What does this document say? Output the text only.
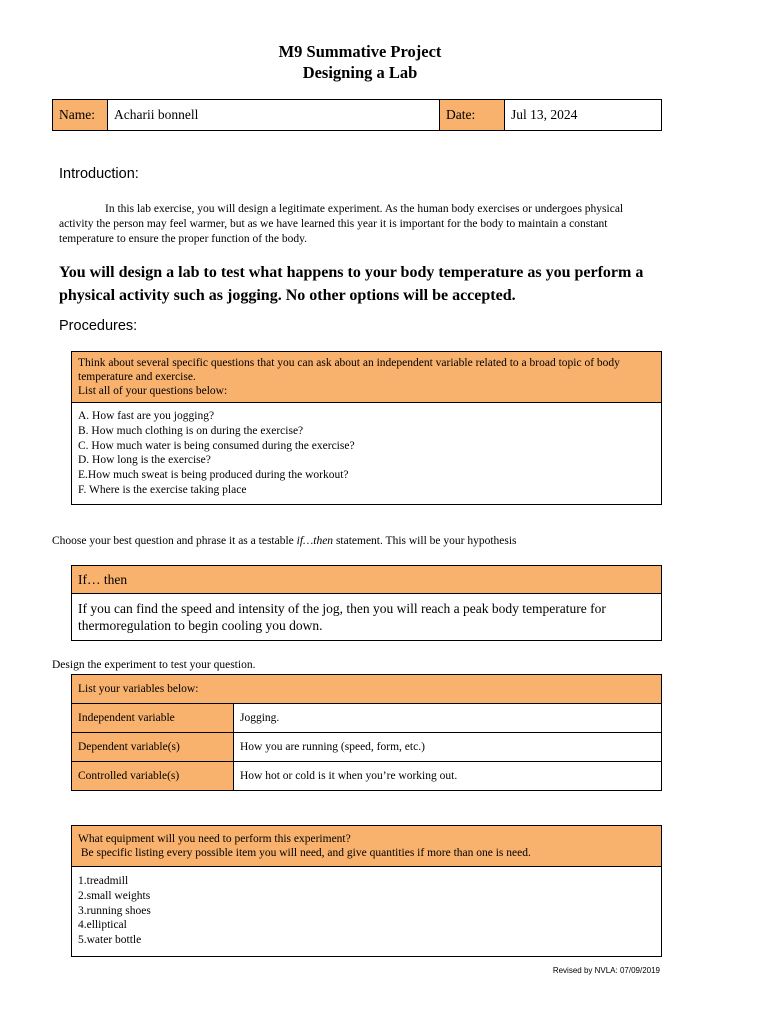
M9 Summative Project
Designing a Lab
Name:	Acharii bonnell	Date:	Jul 13, 2024
Introduction:
In this lab exercise, you will design a legitimate experiment. As the human body exercises or undergoes physical activity the person may feel warmer, but as we have learned this year it is important for the body to maintain a constant temperature to ensure the proper function of the body.
You will design a lab to test what happens to your body temperature as you perform a physical activity such as jogging. No other options will be accepted.
Procedures:
Think about several specific questions that you can ask about an independent variable related to a broad topic of body temperature and exercise.
List all of your questions below:
A. How fast are you jogging?
B. How much clothing is on during the exercise?
C. How much water is being consumed during the exercise?
D. How long is the exercise?
E.How much sweat is being produced during the workout?
F. Where is the exercise taking place
Choose your best question and phrase it as a testable if…then statement. This will be your hypothesis
If… then
If you can find the speed and intensity of the jog, then you will reach a peak body temperature for thermoregulation to begin cooling you down.
Design the experiment to test your question.
List your variables below:	
Independent variable	Jogging.
Dependent variable(s)	How you are running (speed, form, etc.)
Controlled variable(s)	How hot or cold is it when you’re working out.
What equipment will you need to perform this experiment?
Be specific listing every possible item you will need, and give quantities if more than one is need.
1.treadmill
2.small weights
3.running shoes
4.elliptical
5.water bottle
Revised by NVLA: 07/09/2019
